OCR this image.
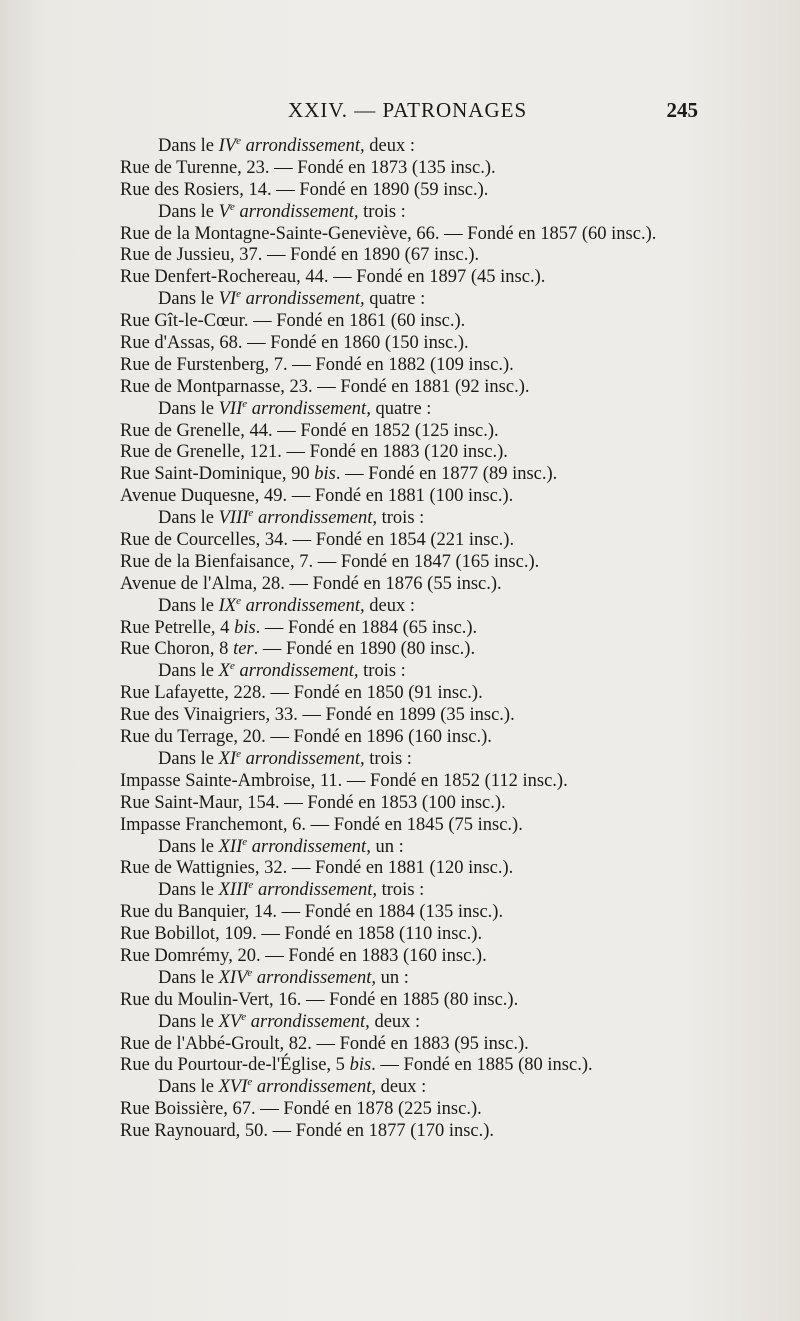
XXIV. — PATRONAGES	245
Dans le IVe arrondissement, deux :
Rue de Turenne, 23. — Fondé en 1873 (135 insc.).
Rue des Rosiers, 14. — Fondé en 1890 (59 insc.).
Dans le Ve arrondissement, trois :
Rue de la Montagne-Sainte-Geneviève, 66. — Fondé en 1857 (60 insc.).
Rue de Jussieu, 37. — Fondé en 1890 (67 insc.).
Rue Denfert-Rochereau, 44. — Fondé en 1897 (45 insc.).
Dans le VIe arrondissement, quatre :
Rue Gît-le-Cœur. — Fondé en 1861 (60 insc.).
Rue d'Assas, 68. — Fondé en 1860 (150 insc.).
Rue de Furstenberg, 7. — Fondé en 1882 (109 insc.).
Rue de Montparnasse, 23. — Fondé en 1881 (92 insc.).
Dans le VIIe arrondissement, quatre :
Rue de Grenelle, 44. — Fondé en 1852 (125 insc.).
Rue de Grenelle, 121. — Fondé en 1883 (120 insc.).
Rue Saint-Dominique, 90 bis. — Fondé en 1877 (89 insc.).
Avenue Duquesne, 49. — Fondé en 1881 (100 insc.).
Dans le VIIIe arrondissement, trois :
Rue de Courcelles, 34. — Fondé en 1854 (221 insc.).
Rue de la Bienfaisance, 7. — Fondé en 1847 (165 insc.).
Avenue de l'Alma, 28. — Fondé en 1876 (55 insc.).
Dans le IXe arrondissement, deux :
Rue Petrelle, 4 bis. — Fondé en 1884 (65 insc.).
Rue Choron, 8 ter. — Fondé en 1890 (80 insc.).
Dans le Xe arrondissement, trois :
Rue Lafayette, 228. — Fondé en 1850 (91 insc.).
Rue des Vinaigriers, 33. — Fondé en 1899 (35 insc.).
Rue du Terrage, 20. — Fondé en 1896 (160 insc.).
Dans le XIe arrondissement, trois :
Impasse Sainte-Ambroise, 11. — Fondé en 1852 (112 insc.).
Rue Saint-Maur, 154. — Fondé en 1853 (100 insc.).
Impasse Franchemont, 6. — Fondé en 1845 (75 insc.).
Dans le XIIe arrondissement, un :
Rue de Wattignies, 32. — Fondé en 1881 (120 insc.).
Dans le XIIIe arrondissement, trois :
Rue du Banquier, 14. — Fondé en 1884 (135 insc.).
Rue Bobillot, 109. — Fondé en 1858 (110 insc.).
Rue Domrémy, 20. — Fondé en 1883 (160 insc.).
Dans le XIVe arrondissement, un :
Rue du Moulin-Vert, 16. — Fondé en 1885 (80 insc.).
Dans le XVe arrondissement, deux :
Rue de l'Abbé-Groult, 82. — Fondé en 1883 (95 insc.).
Rue du Pourtour-de-l'Église, 5 bis. — Fondé en 1885 (80 insc.).
Dans le XVIe arrondissement, deux :
Rue Boissière, 67. — Fondé en 1878 (225 insc.).
Rue Raynouard, 50. — Fondé en 1877 (170 insc.).
